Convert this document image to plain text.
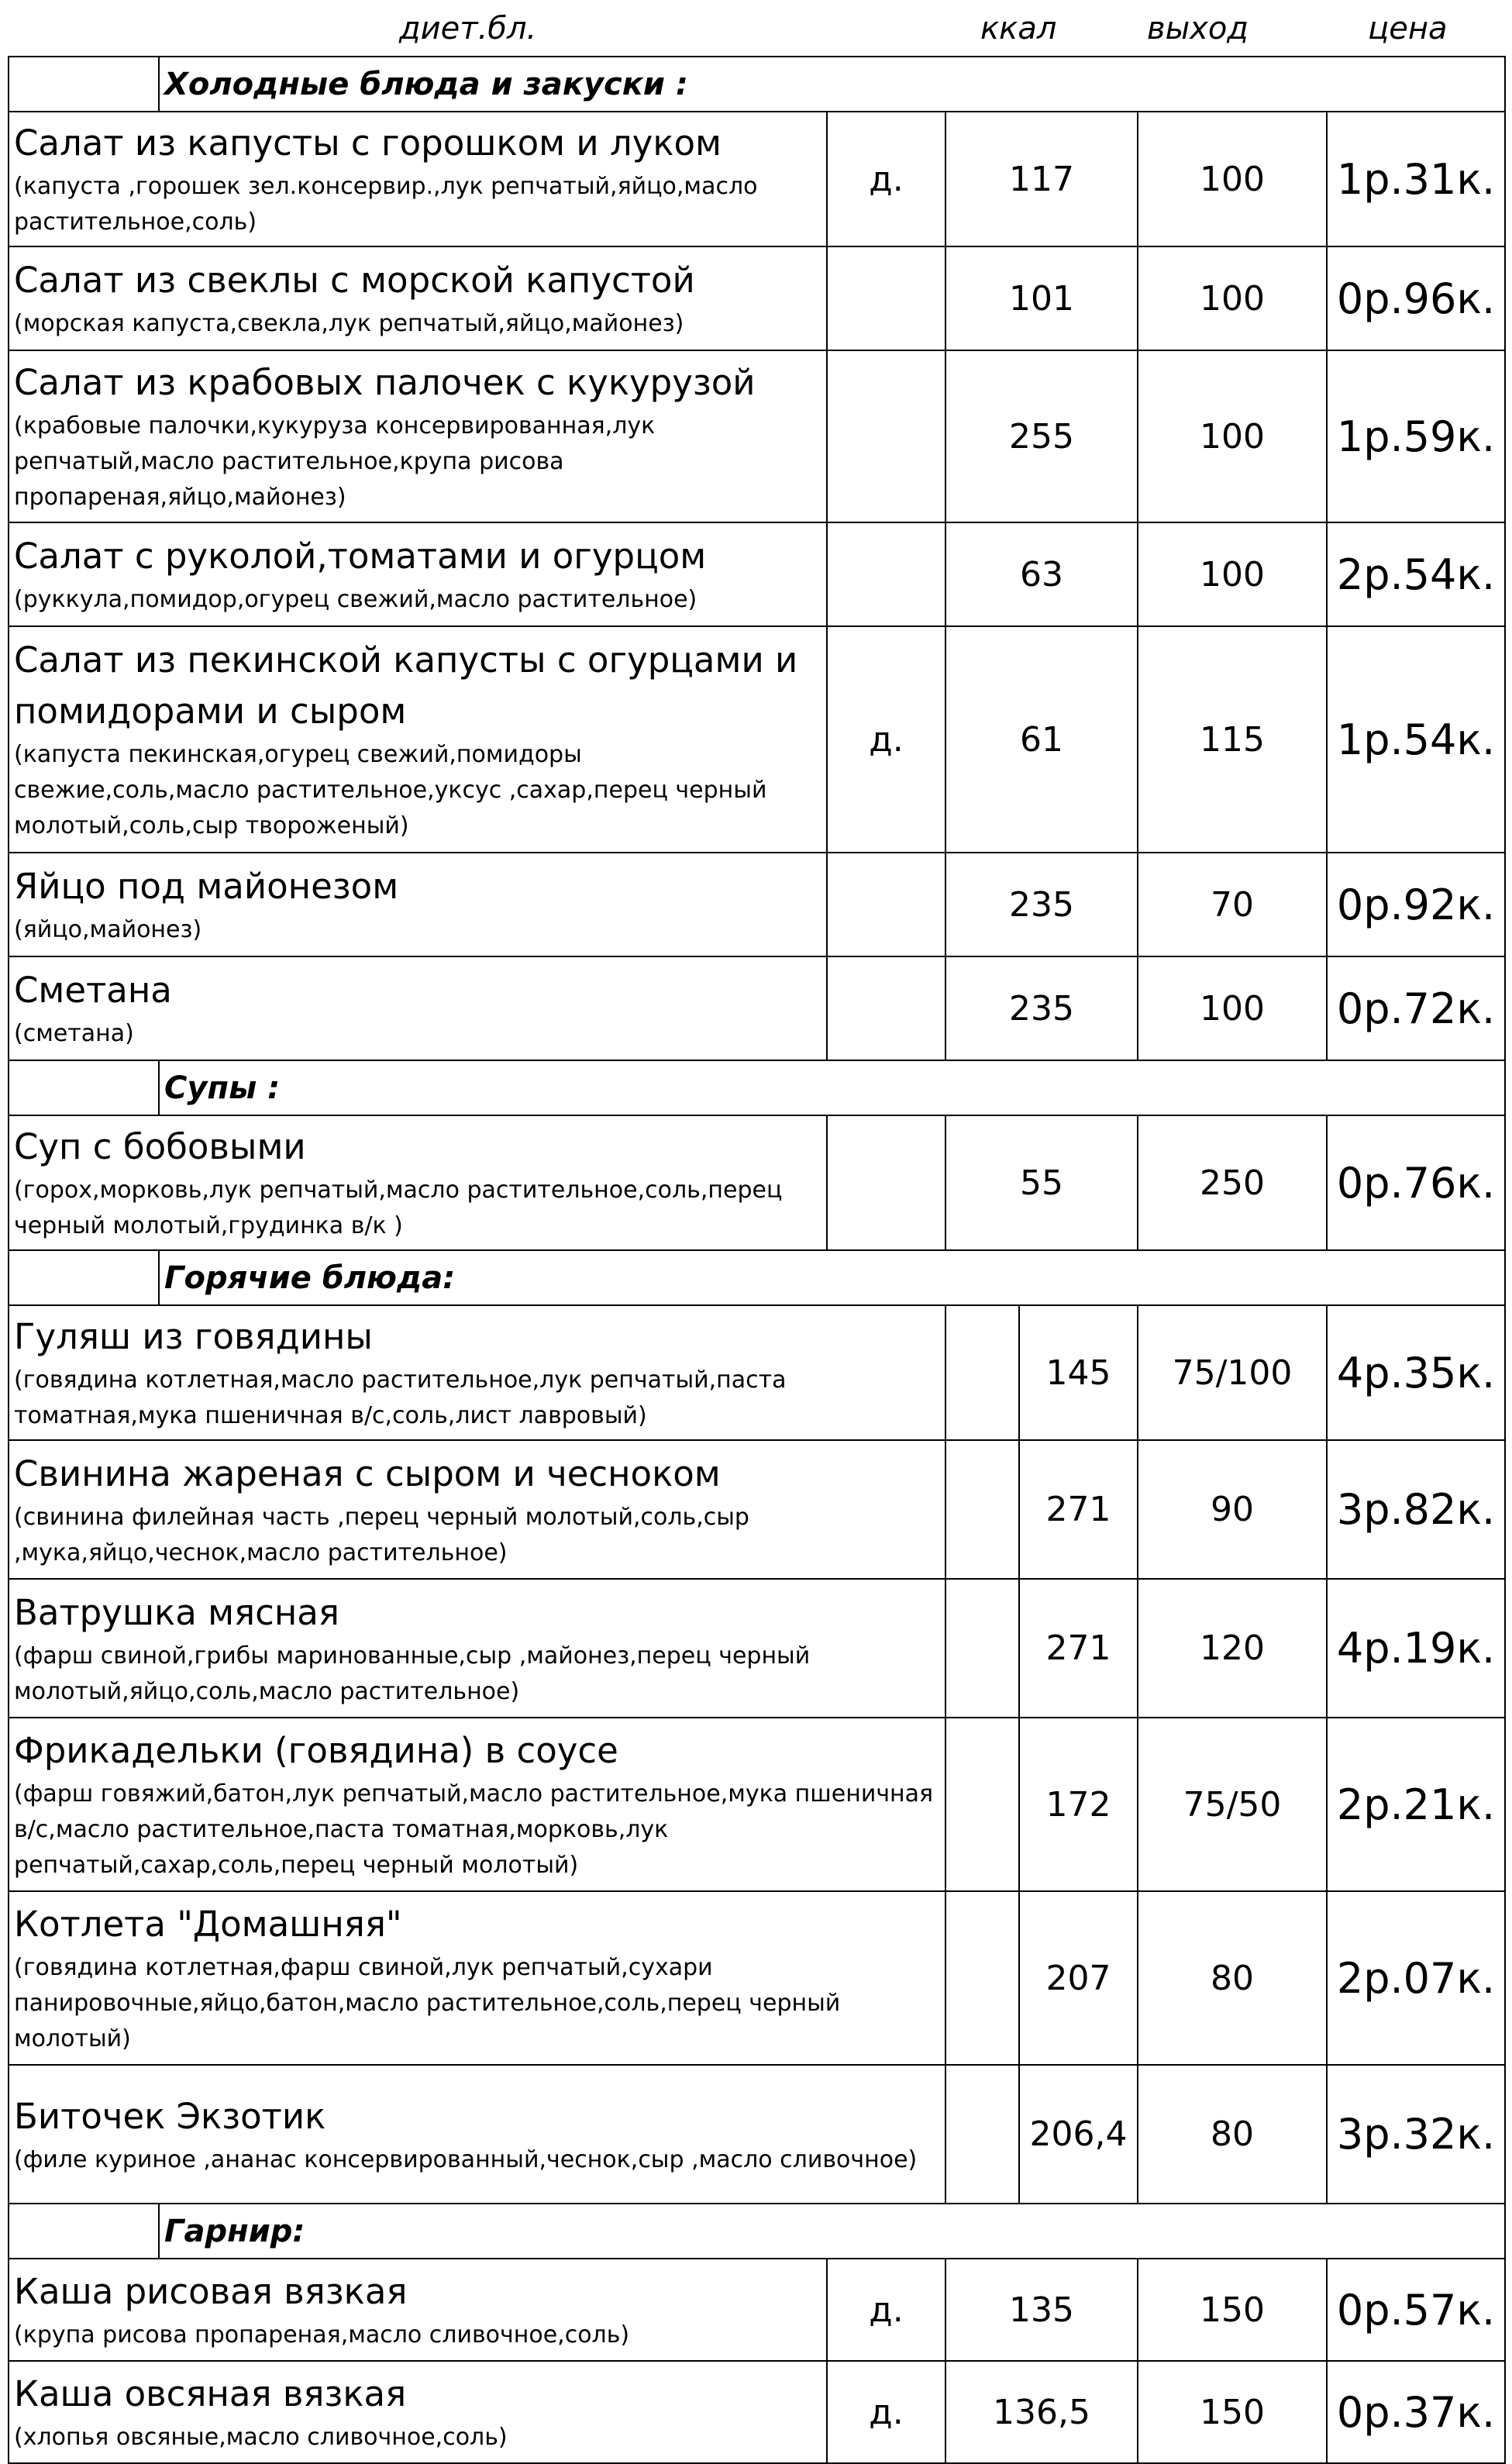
диет.бл.	ккал	выход	цена
	Холодные блюда и закуски :					

Салат из капусты с горошком и луком
(капуста ,горошек зел.консервир.,лук репчатый,яйцо,масло растительное,соль)		д.	117		100	1р.31к.

Салат из свеклы с морской капустой
(морская капуста,свекла,лук репчатый,яйцо,майонез)			101		100	0р.96к.

Салат из крабовых палочек с кукурузой
(крабовые палочки,кукуруза консервированная,лук репчатый,масло растительное,крупа рисова пропареная,яйцо,майонез)			255		100	1р.59к.

Салат с руколой,томатами и огурцом
(руккула,помидор,огурец свежий,масло растительное)			63		100	2р.54к.

Салат из пекинской капусты с огурцами и помидорами и сыром
(капуста пекинская,огурец свежий,помидоры свежие,соль,масло растительное,уксус ,сахар,перец черный молотый,соль,сыр твороженый)		д.	61		115	1р.54к.

Яйцо под майонезом
(яйцо,майонез)			235		70	0р.92к.

Сметана
(сметана)			235		100	0р.72к.
	Супы :					

Суп с бобовыми
(горох,морковь,лук репчатый,масло растительное,соль,перец черный молотый,грудинка в/к )			55		250	0р.76к.
	Горячие блюда:					

Гуляш из говядины
(говядина котлетная,масло растительное,лук репчатый,паста томатная,мука пшеничная в/с,соль,лист лавровый)				145	75/100	4р.35к.

Свинина жареная с сыром и чесноком
(свинина филейная часть ,перец черный молотый,соль,сыр ,мука,яйцо,чеснок,масло растительное)				271	90	3р.82к.

Ватрушка мясная
(фарш свиной,грибы маринованные,сыр ,майонез,перец черный молотый,яйцо,соль,масло растительное)				271	120	4р.19к.

Фрикадельки (говядина) в соусе
(фарш говяжий,батон,лук репчатый,масло растительное,мука пшеничная в/с,масло растительное,паста томатная,морковь,лук репчатый,сахар,соль,перец черный молотый)				172	75/50	2р.21к.

Котлета "Домашняя"
(говядина котлетная,фарш свиной,лук репчатый,сухари панировочные,яйцо,батон,масло растительное,соль,перец черный молотый)				207	80	2р.07к.

Биточек Экзотик
(филе куриное ,ананас консервированный,чеснок,сыр ,масло сливочное)				206,4	80	3р.32к.
	Гарнир:					

Каша рисовая вязкая
(крупа рисова пропареная,масло сливочное,соль)		д.	135		150	0р.57к.

Каша овсяная вязкая
(хлопья овсяные,масло сливочное,соль)		д.	136,5		150	0р.37к.
